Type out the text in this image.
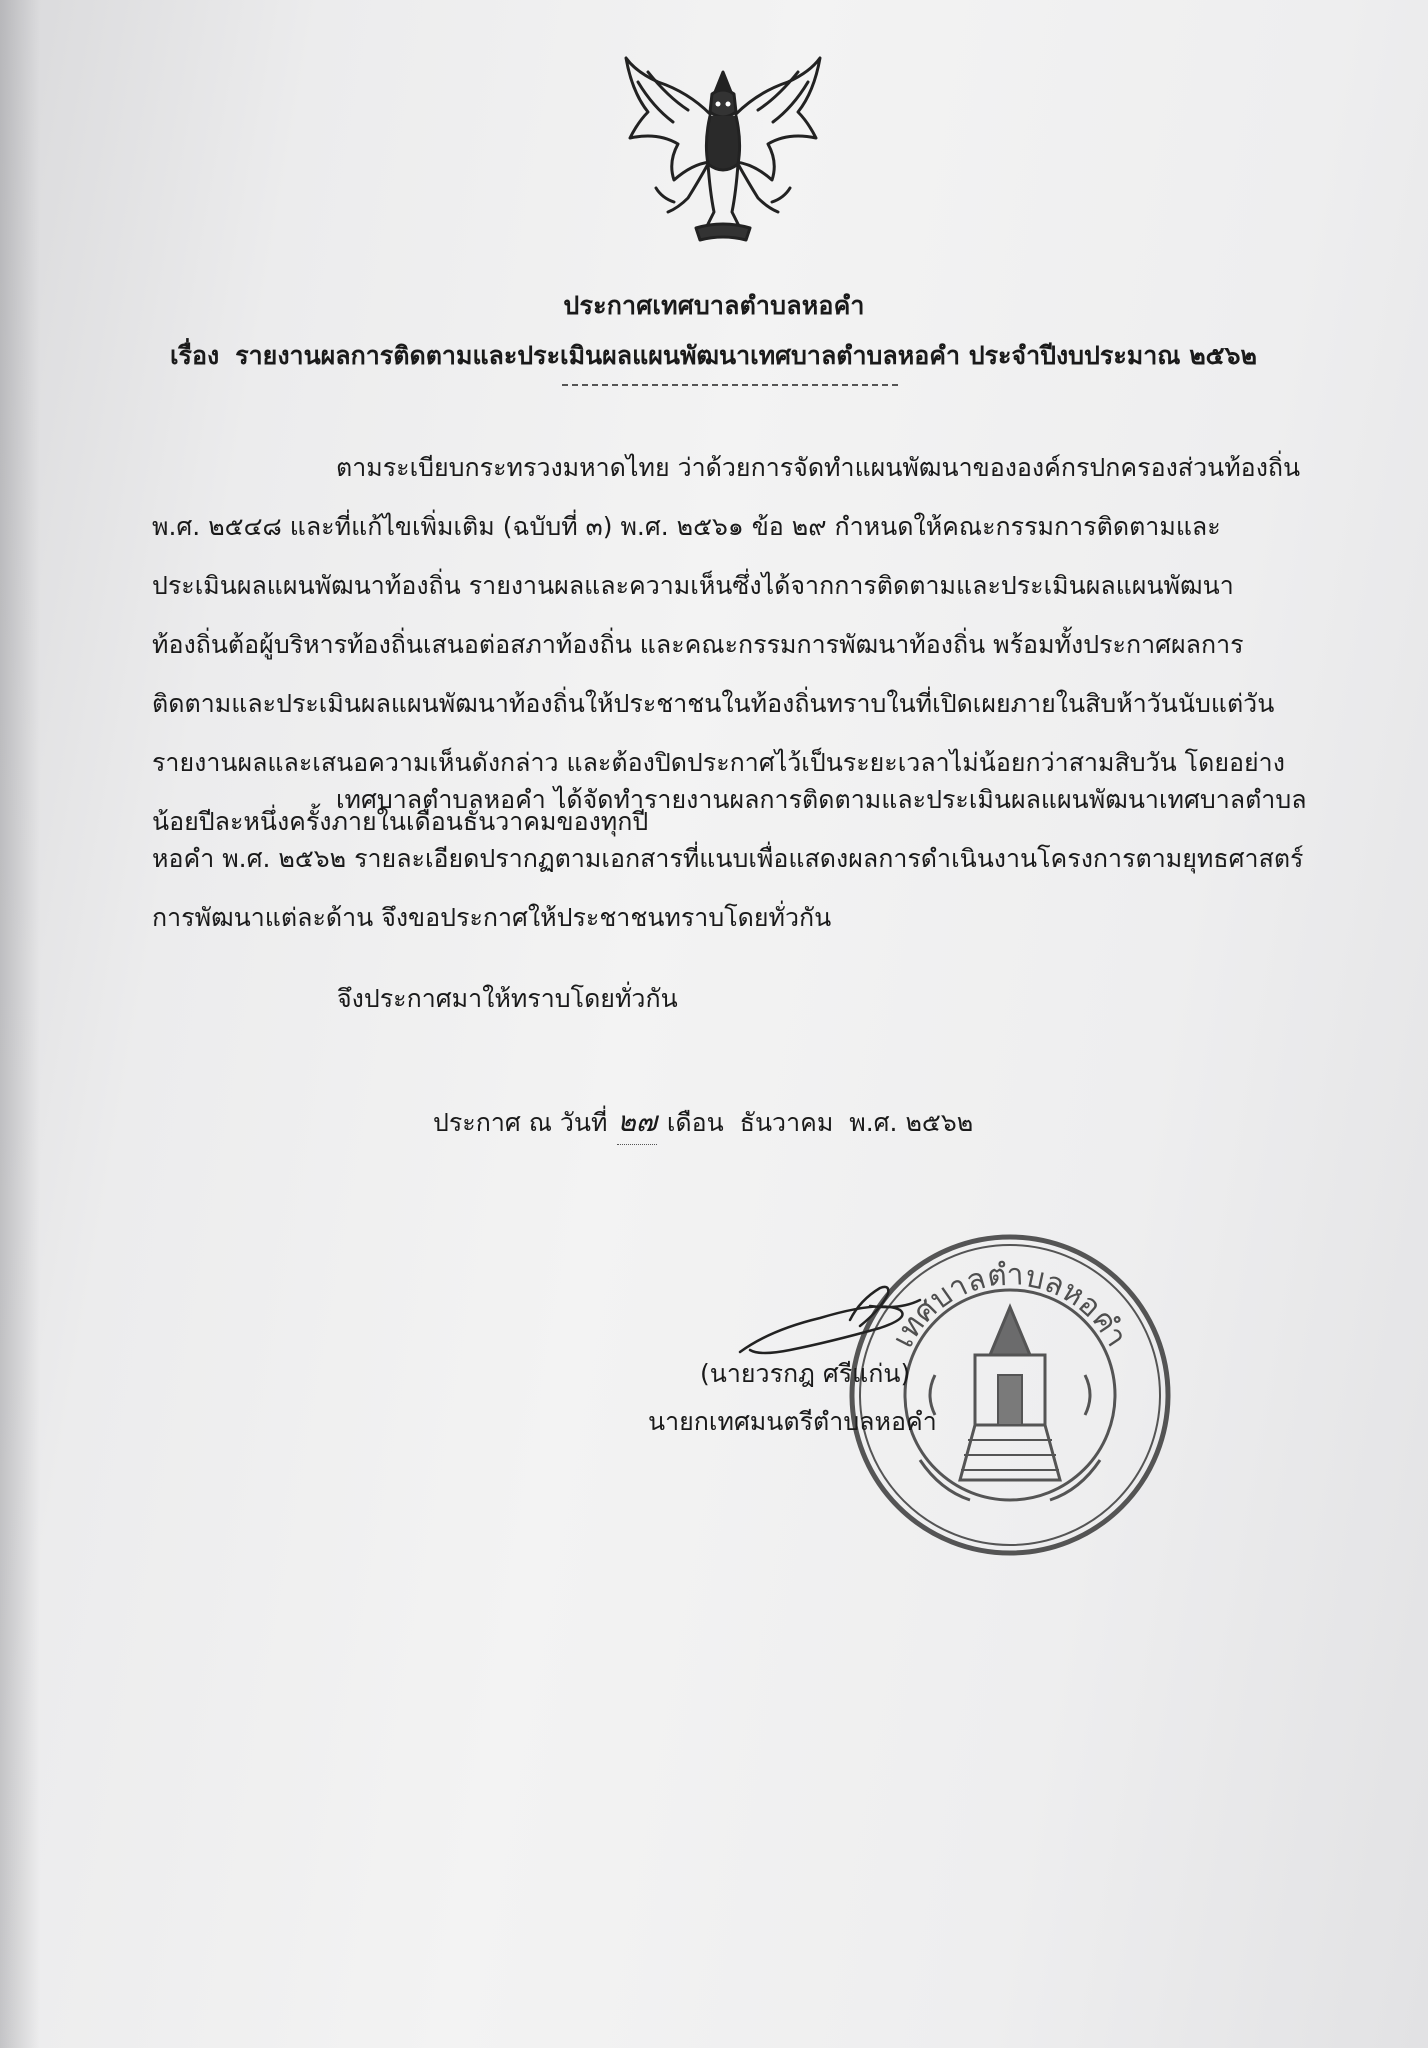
ประกาศเทศบาลตำบลหอคำ
เรื่อง รายงานผลการติดตามและประเมินผลแผนพัฒนาเทศบาลตำบลหอคำ ประจำปีงบประมาณ ๒๕๖๒
ตามระเบียบกระทรวงมหาดไทย ว่าด้วยการจัดทำแผนพัฒนาขององค์กรปกครองส่วนท้องถิ่น
พ.ศ. ๒๕๔๘ และที่แก้ไขเพิ่มเติม (ฉบับที่ ๓) พ.ศ. ๒๕๖๑ ข้อ ๒๙ กำหนดให้คณะกรรมการติดตามและ
ประเมินผลแผนพัฒนาท้องถิ่น รายงานผลและความเห็นซึ่งได้จากการติดตามและประเมินผลแผนพัฒนา
ท้องถิ่นต้อผู้บริหารท้องถิ่นเสนอต่อสภาท้องถิ่น และคณะกรรมการพัฒนาท้องถิ่น พร้อมทั้งประกาศผลการ
ติดตามและประเมินผลแผนพัฒนาท้องถิ่นให้ประชาชนในท้องถิ่นทราบในที่เปิดเผยภายในสิบห้าวันนับแต่วัน
รายงานผลและเสนอความเห็นดังกล่าว และต้องปิดประกาศไว้เป็นระยะเวลาไม่น้อยกว่าสามสิบวัน โดยอย่าง
น้อยปีละหนึ่งครั้งภายในเดือนธันวาคมของทุกปี
เทศบาลตำบลหอคำ ได้จัดทำรายงานผลการติดตามและประเมินผลแผนพัฒนาเทศบาลตำบล
หอคำ พ.ศ. ๒๕๖๒ รายละเอียดปรากฏตามเอกสารที่แนบเพื่อแสดงผลการดำเนินงานโครงการตามยุทธศาสตร์
การพัฒนาแต่ละด้าน จึงขอประกาศให้ประชาชนทราบโดยทั่วกัน
จึงประกาศมาให้ทราบโดยทั่วกัน
ประกาศ ณ วันที่ ๒๗ เดือน ธันวาคม พ.ศ. ๒๕๖๒
เทศบาลตำบลหอคำ
(นายวรกฎ ศรีแก่น)
นายกเทศมนตรีตำบลหอคำ
